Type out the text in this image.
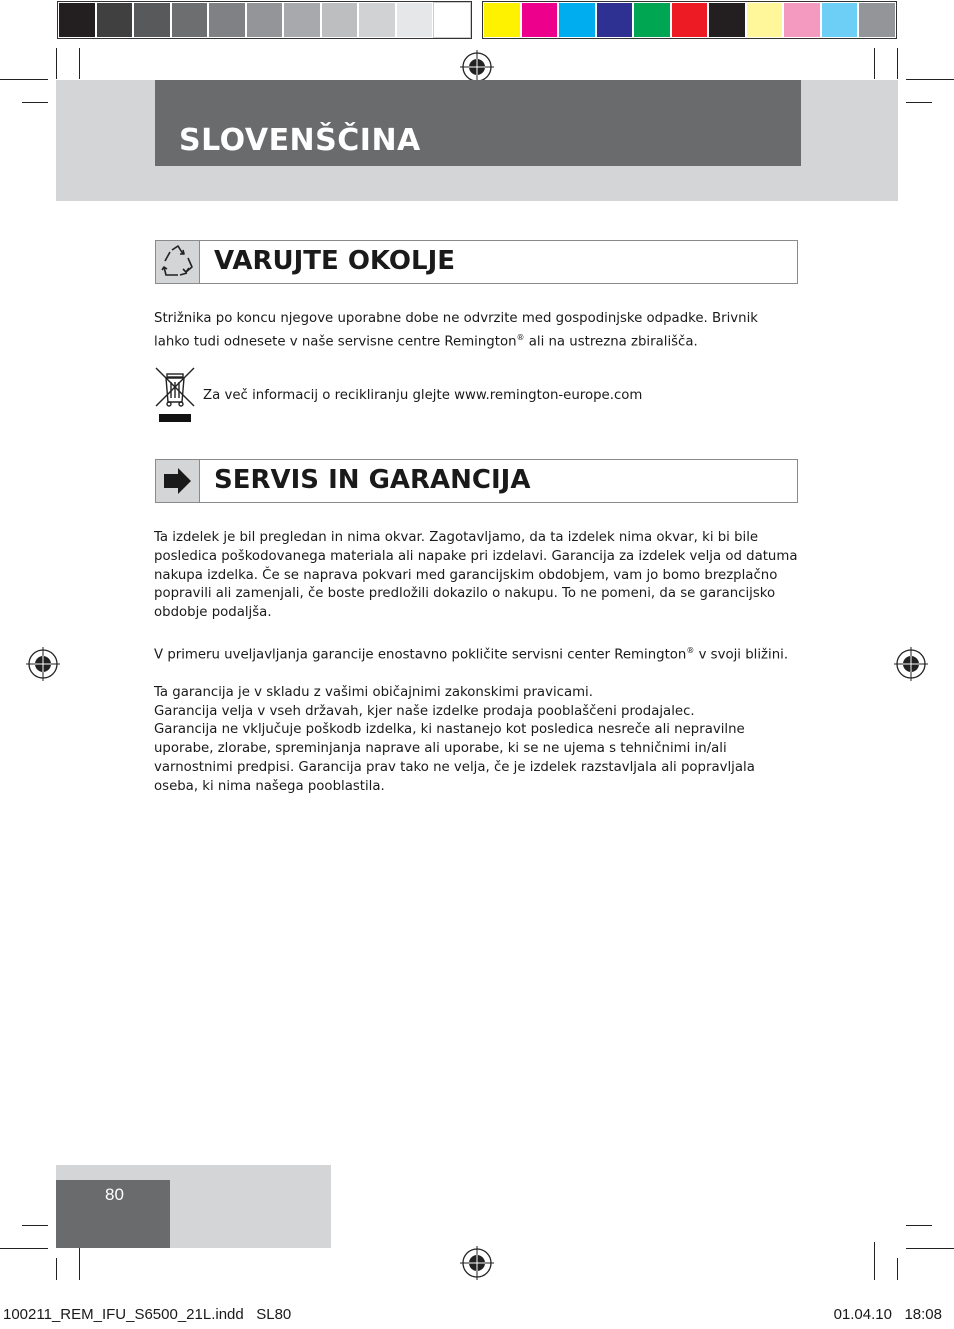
SLOVENŠČINA
VARUJTE OKOLJE

Strižnika po koncu njegove uporabne dobe ne odvrzite med gospodinjske odpadke. Brivnik

lahko tudi odnesete v naše servisne centre Remington® ali na ustrezna zbirališča.

Za več informacij o recikliranju glejte www.remington-europe.com
SERVIS IN GARANCIJA

Ta izdelek je bil pregledan in nima okvar. Zagotavljamo, da ta izdelek nima okvar, ki bi bile

posledica poškodovanega materiala ali napake pri izdelavi. Garancija za izdelek velja od datuma

nakupa izdelka. Če se naprava pokvari med garancijskim obdobjem, vam jo bomo brezplačno

popravili ali zamenjali, če boste predložili dokazilo o nakupu. To ne pomeni, da se garancijsko

obdobje podaljša.

V primeru uveljavljanja garancije enostavno pokličite servisni center Remington® v svoji bližini.

Ta garancija je v skladu z vašimi običajnimi zakonskimi pravicami.

Garancija velja v vseh državah, kjer naše izdelke prodaja pooblaščeni prodajalec.

Garancija ne vključuje poškodb izdelka, ki nastanejo kot posledica nesreče ali nepravilne

uporabe, zlorabe, spreminjanja naprave ali uporabe, ki se ne ujema s tehničnimi in/ali

varnostnimi predpisi. Garancija prav tako ne velja, če je izdelek razstavljala ali popravljala

oseba, ki nima našega pooblastila.

80
100211_REM_IFU_S6500_21L.indd   SL80	01.04.10   18:08
